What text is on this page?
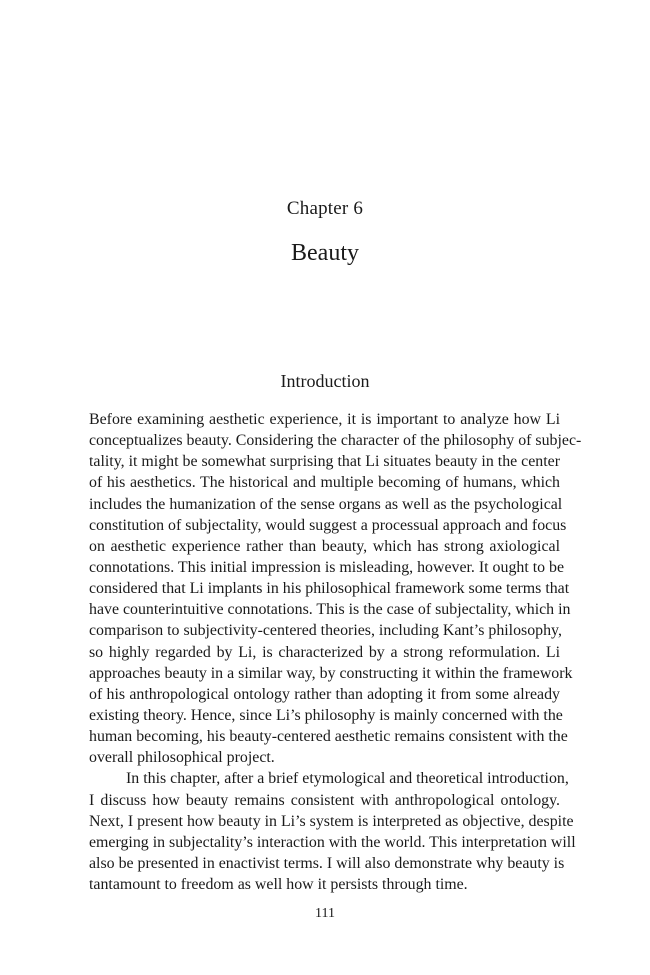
Chapter 6
Beauty
Introduction
Before examining aesthetic experience, it is important to analyze how Li
conceptualizes beauty. Considering the character of the philosophy of subjec-
tality, it might be somewhat surprising that Li situates beauty in the center
of his aesthetics. The historical and multiple becoming of humans, which
includes the humanization of the sense organs as well as the psychological
constitution of subjectality, would suggest a processual approach and focus
on aesthetic experience rather than beauty, which has strong axiological
connotations. This initial impression is misleading, however. It ought to be
considered that Li implants in his philosophical framework some terms that
have counterintuitive connotations. This is the case of subjectality, which in
comparison to subjectivity-centered theories, including Kant’s philosophy,
so highly regarded by Li, is characterized by a strong reformulation. Li
approaches beauty in a similar way, by constructing it within the framework
of his anthropological ontology rather than adopting it from some already
existing theory. Hence, since Li’s philosophy is mainly concerned with the
human becoming, his beauty-centered aesthetic remains consistent with the
overall philosophical project.
In this chapter, after a brief etymological and theoretical introduction,
I discuss how beauty remains consistent with anthropological ontology.
Next, I present how beauty in Li’s system is interpreted as objective, despite
emerging in subjectality’s interaction with the world. This interpretation will
also be presented in enactivist terms. I will also demonstrate why beauty is
tantamount to freedom as well how it persists through time.
111
